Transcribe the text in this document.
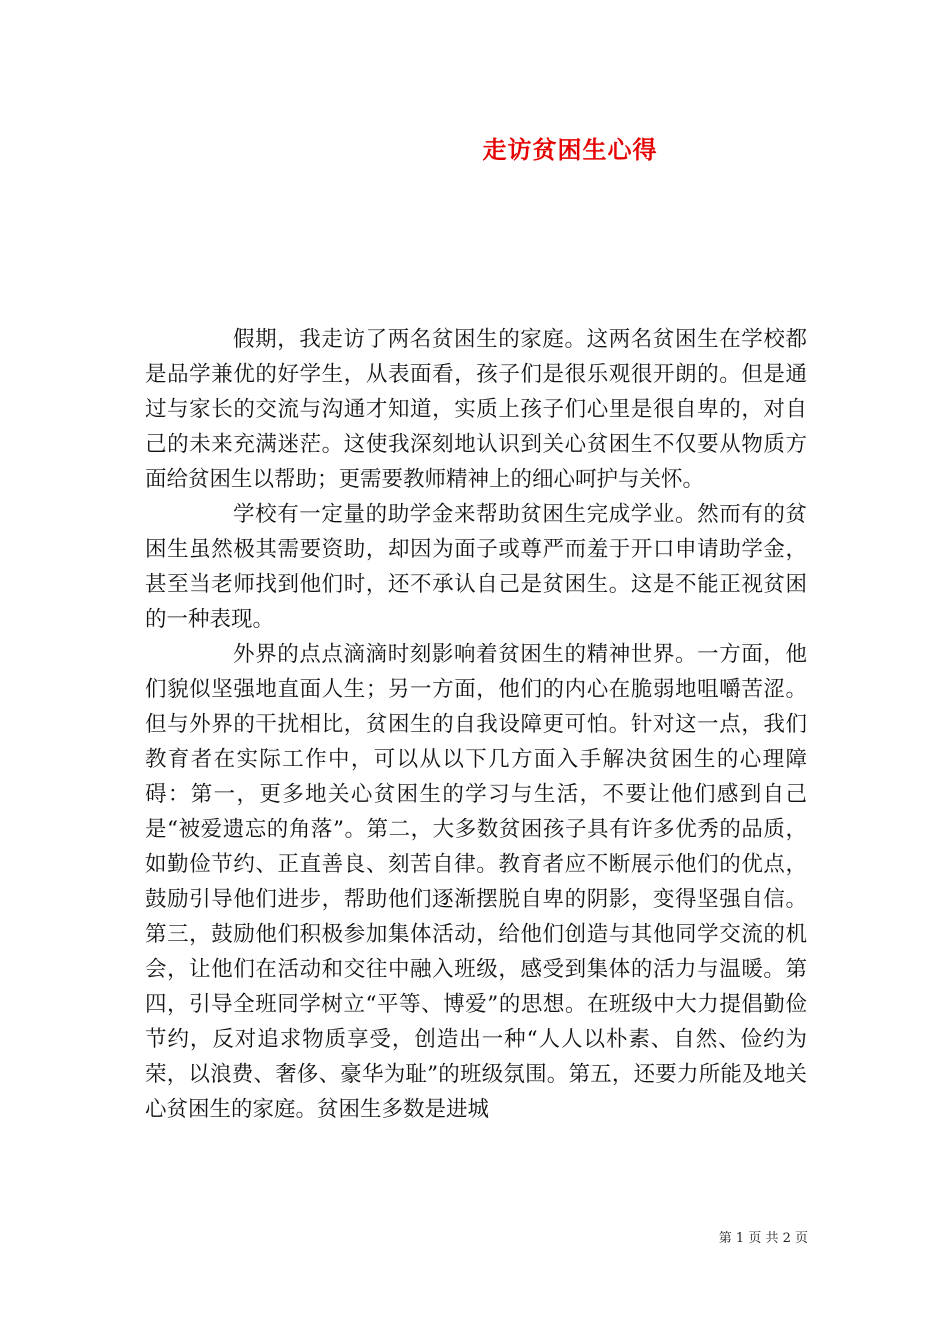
走访贫困生心得

假期，我走访了两名贫困生的家庭。这两名贫困生在学校都是品学兼优的好学生，从表面看，孩子们是很乐观很开朗的。但是通过与家长的交流与沟通才知道，实质上孩子们心里是很自卑的，对自己的未来充满迷茫。这使我深刻地认识到关心贫困生不仅要从物质方面给贫困生以帮助；更需要教师精神上的细心呵护与关怀。

学校有一定量的助学金来帮助贫困生完成学业。然而有的贫困生虽然极其需要资助，却因为面子或尊严而羞于开口申请助学金，甚至当老师找到他们时，还不承认自己是贫困生。这是不能正视贫困的一种表现。

外界的点点滴滴时刻影响着贫困生的精神世界。一方面，他们貌似坚强地直面人生；另一方面，他们的内心在脆弱地咀嚼苦涩。但与外界的干扰相比，贫困生的自我设障更可怕。针对这一点，我们教育者在实际工作中，可以从以下几方面入手解决贫困生的心理障碍：第一，更多地关心贫困生的学习与生活，不要让他们感到自己是“被爱遗忘的角落”。第二，大多数贫困孩子具有许多优秀的品质，如勤俭节约、正直善良、刻苦自律。教育者应不断展示他们的优点，鼓励引导他们进步，帮助他们逐渐摆脱自卑的阴影，变得坚强自信。第三，鼓励他们积极参加集体活动，给他们创造与其他同学交流的机会，让他们在活动和交往中融入班级，感受到集体的活力与温暖。第四，引导全班同学树立“平等、博爱”的思想。在班级中大力提倡勤俭节约，反对追求物质享受，创造出一种“人人以朴素、自然、俭约为荣，以浪费、奢侈、豪华为耻”的班级氛围。第五，还要力所能及地关心贫困生的家庭。贫困生多数是进城

第 1 页 共 2 页
